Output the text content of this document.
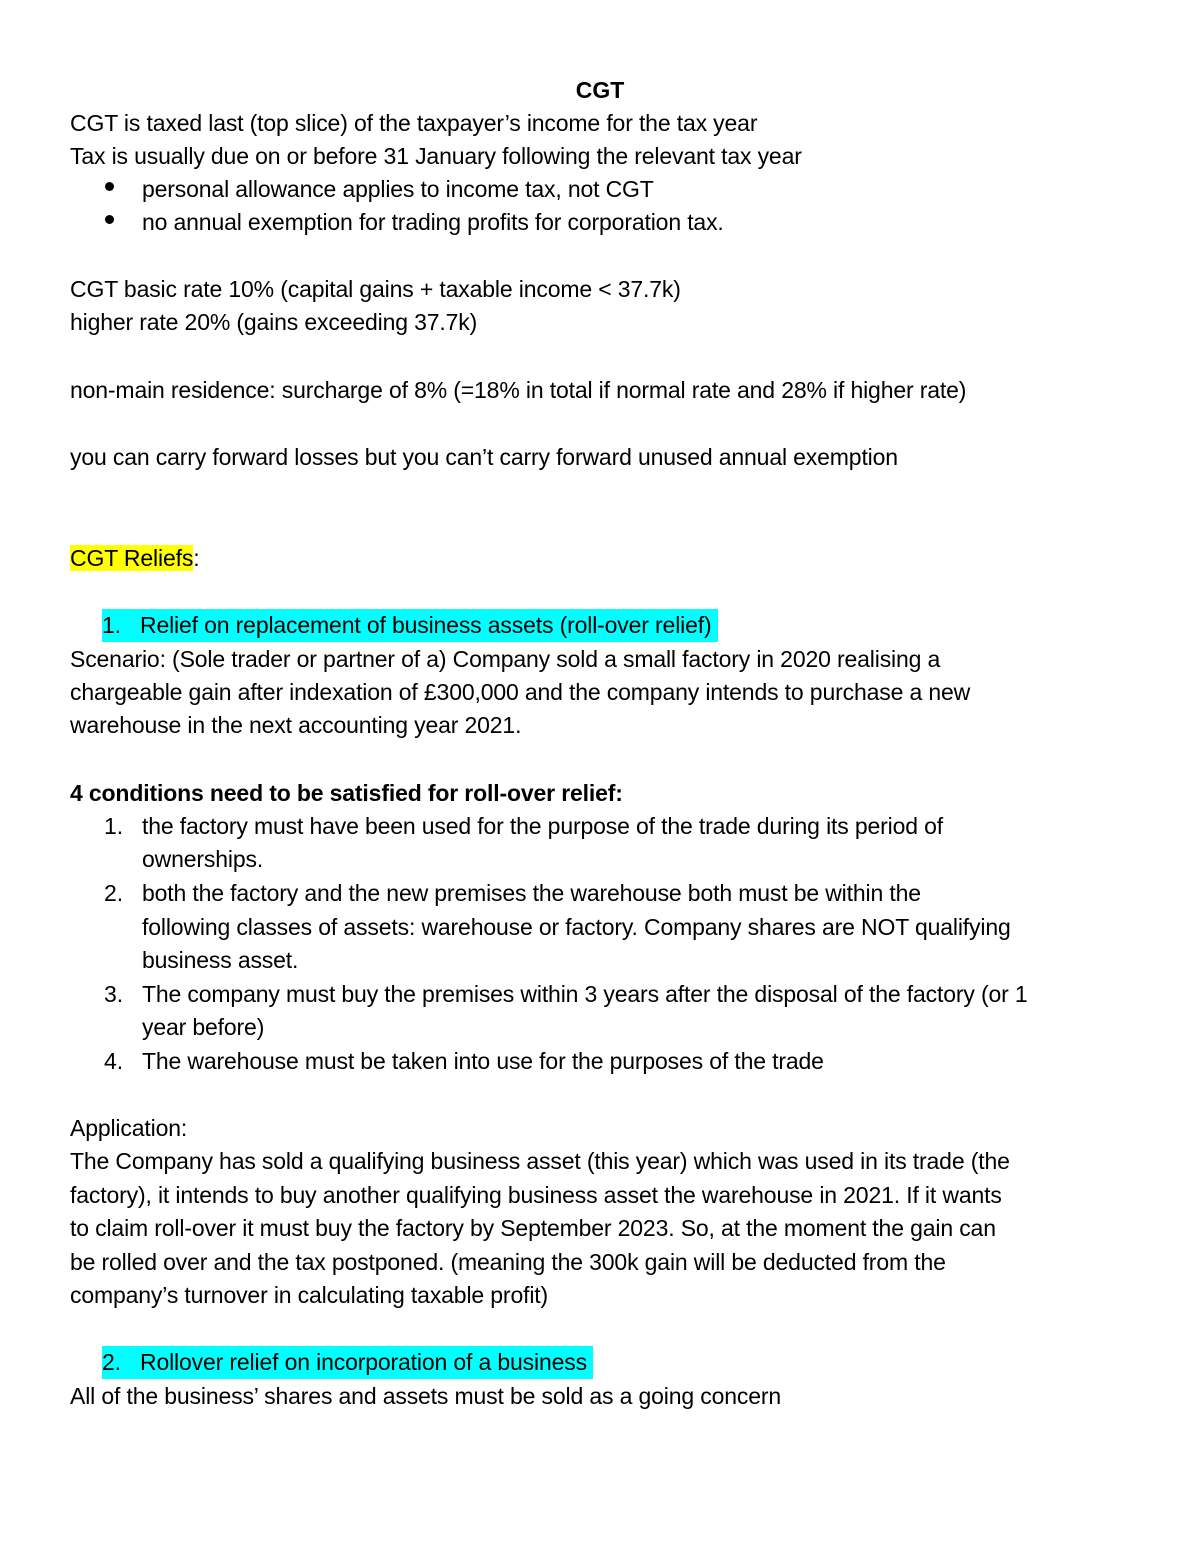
CGT
CGT is taxed last (top slice) of the taxpayer’s income for the tax year
Tax is usually due on or before 31 January following the relevant tax year
personal allowance applies to income tax, not CGT
no annual exemption for trading profits for corporation tax.
CGT basic rate 10% (capital gains + taxable income < 37.7k)
higher rate 20% (gains exceeding 37.7k)
non-main residence: surcharge of 8% (=18% in total if normal rate and 28% if higher rate)
you can carry forward losses but you can’t carry forward unused annual exemption
CGT Reliefs:
1. Relief on replacement of business assets (roll-over relief)
Scenario: (Sole trader or partner of a) Company sold a small factory in 2020 realising a
chargeable gain after indexation of £300,000 and the company intends to purchase a new
warehouse in the next accounting year 2021.
4 conditions need to be satisfied for roll-over relief:
1. the factory must have been used for the purpose of the trade during its period of
ownerships.
2. both the factory and the new premises the warehouse both must be within the
following classes of assets: warehouse or factory. Company shares are NOT qualifying
business asset.
3. The company must buy the premises within 3 years after the disposal of the factory (or 1
year before)
4. The warehouse must be taken into use for the purposes of the trade
Application:
The Company has sold a qualifying business asset (this year) which was used in its trade (the
factory), it intends to buy another qualifying business asset the warehouse in 2021. If it wants
to claim roll-over it must buy the factory by September 2023. So, at the moment the gain can
be rolled over and the tax postponed. (meaning the 300k gain will be deducted from the
company’s turnover in calculating taxable profit)
2. Rollover relief on incorporation of a business
All of the business’ shares and assets must be sold as a going concern
